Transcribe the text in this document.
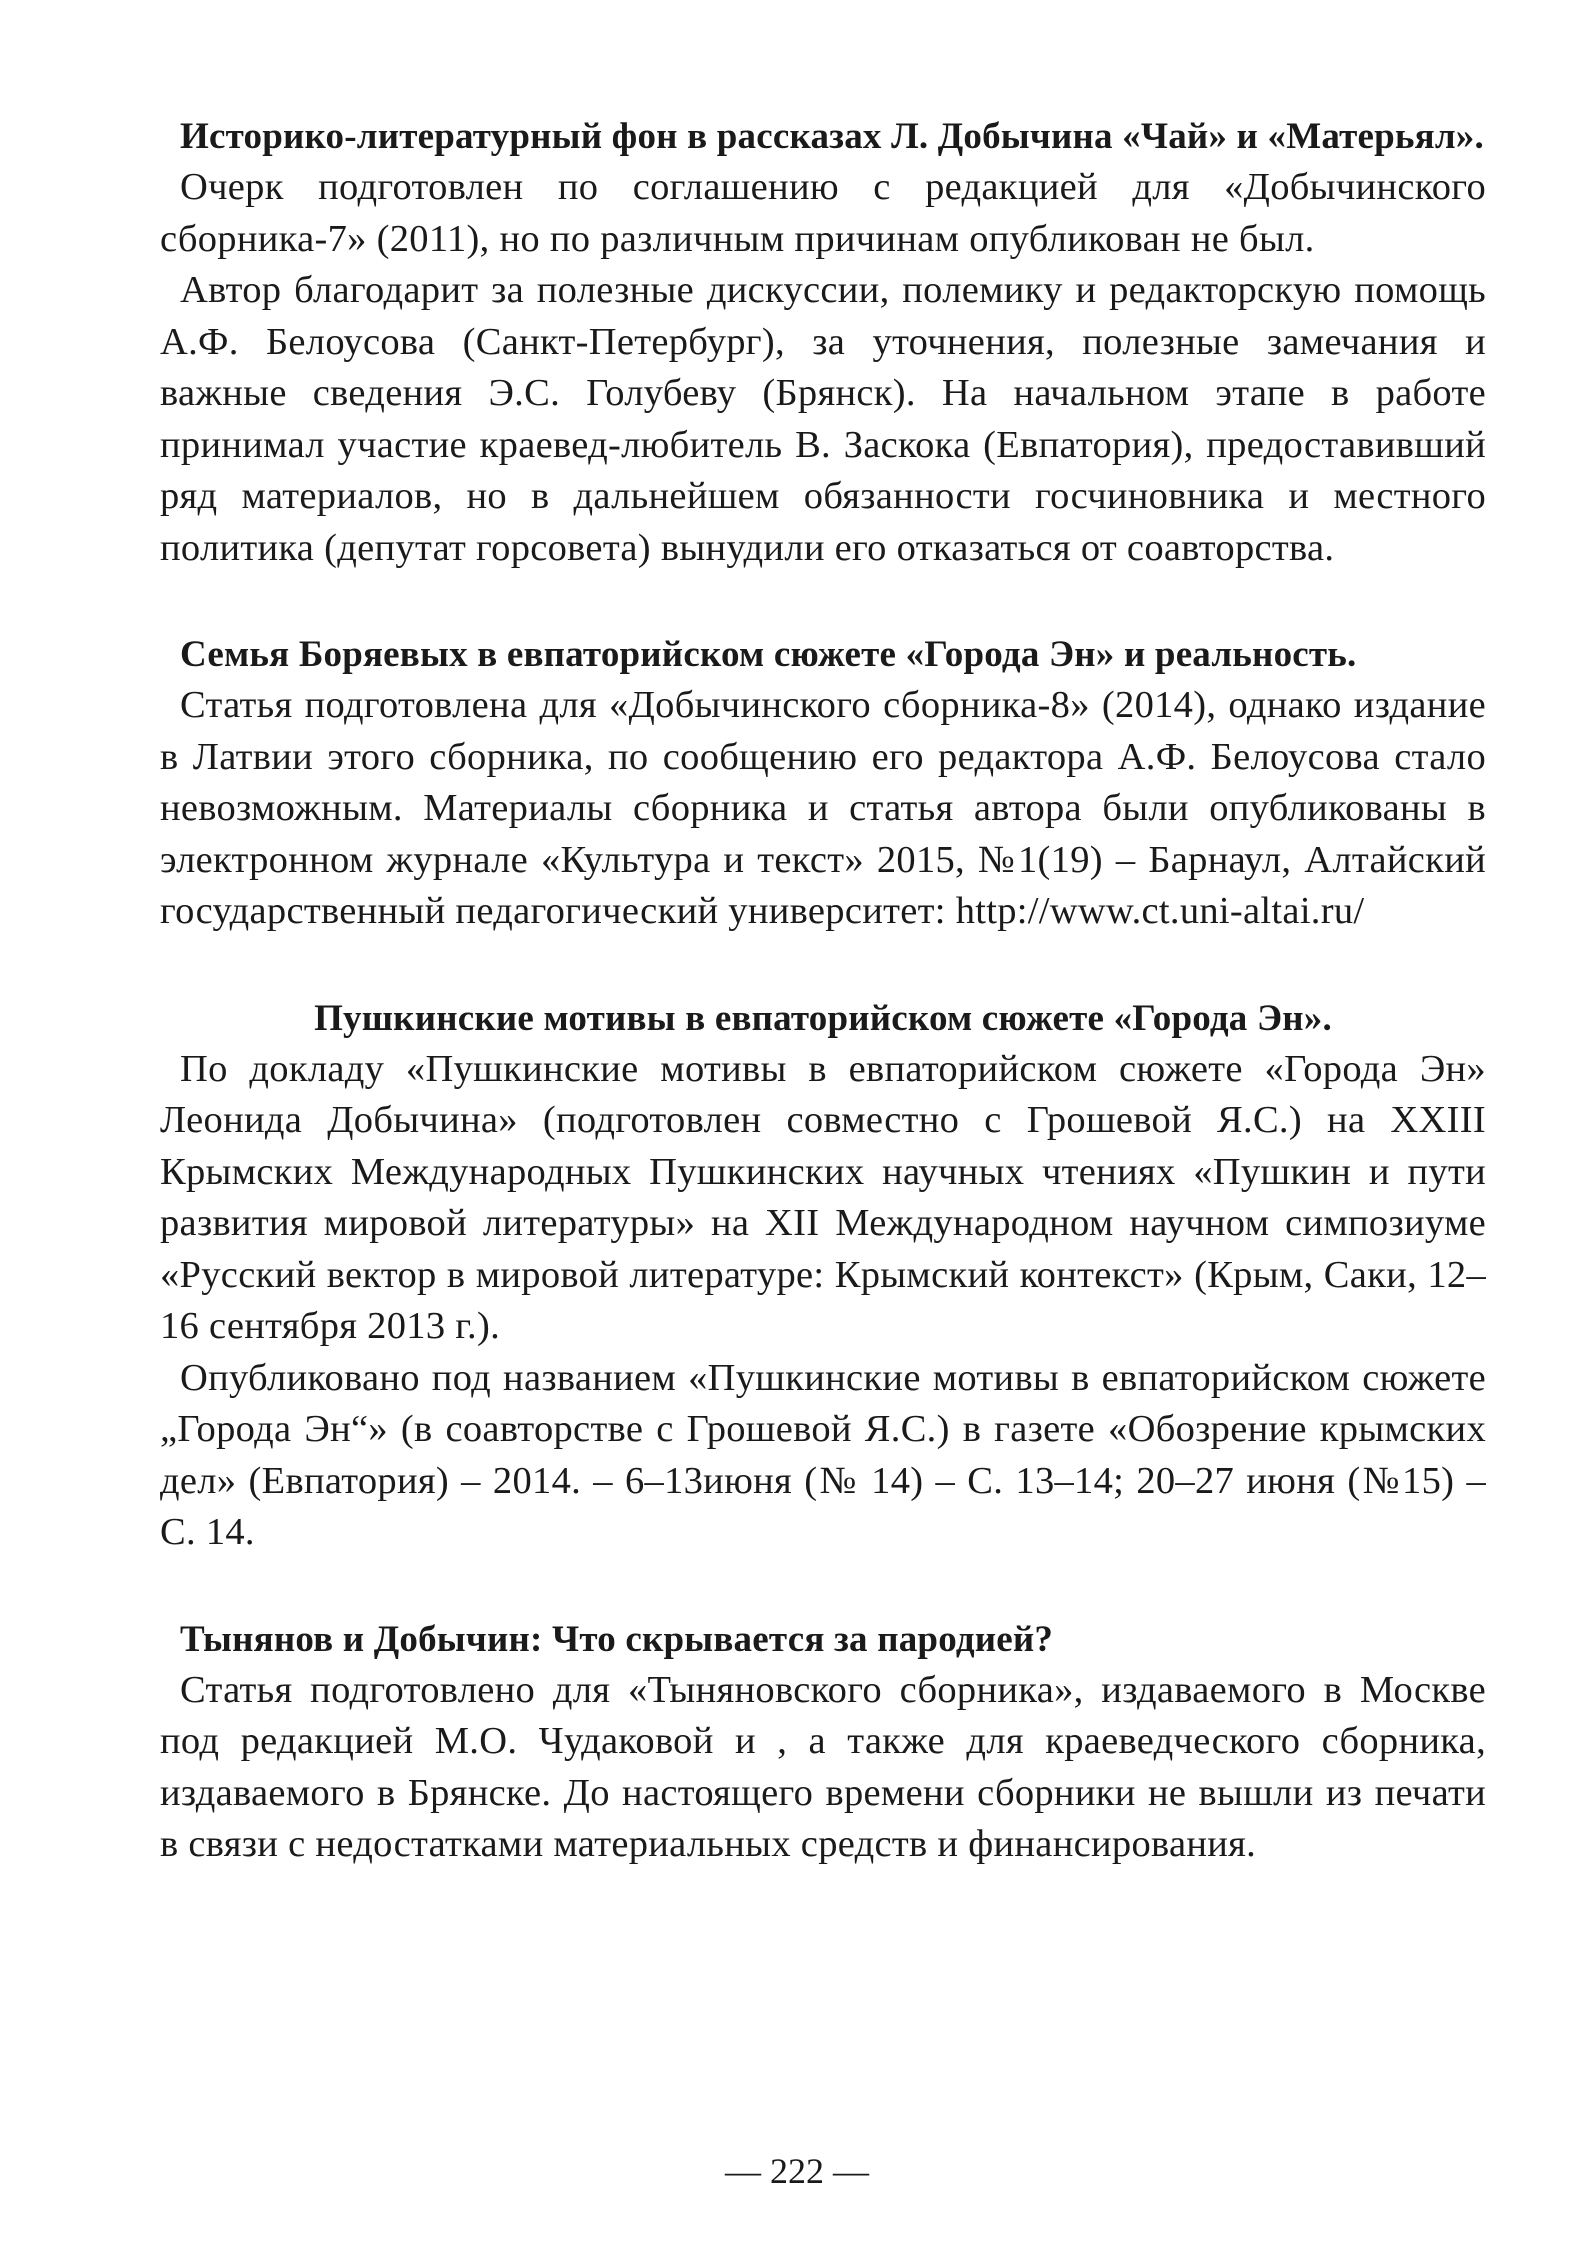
Историко-литературный фон в рассказах Л. Добычина «Чай» и «Матерьял».

Очерк подготовлен по соглашению с редакцией для «Добычинского сборника-7» (2011), но по различным причинам опубликован не был.

Автор благодарит за полезные дискуссии, полемику и редакторскую помощь А.Ф. Белоусова (Санкт-Петербург), за уточнения, полезные замечания и важные сведения Э.С. Голубеву (Брянск). На начальном этапе в работе принимал участие краевед-любитель В. Заскока (Евпатория), предоставивший ряд материалов, но в дальнейшем обязанности госчиновника и местного политика (депутат горсовета) вынудили его отказаться от соавторства.

Семья Боряевых в евпаторийском сюжете «Города Эн» и реальность.

Статья подготовлена для «Добычинского сборника-8» (2014), однако издание в Латвии этого сборника, по сообщению его редактора А.Ф. Белоусова стало невозможным. Материалы сборника и статья автора были опубликованы в электронном журнале «Культура и текст» 2015, №1(19) – Барнаул, Алтайский государственный педагогический университет: http://www.ct.uni-altai.ru/

Пушкинские мотивы в евпаторийском сюжете «Города Эн».

По докладу «Пушкинские мотивы в евпаторийском сюжете «Города Эн» Леонида Добычина» (подготовлен совместно с Грошевой Я.С.) на XXIII Крымских Международных Пушкинских научных чтениях «Пушкин и пути развития мировой литературы» на XII Международном научном симпозиуме «Русский вектор в мировой литературе: Крымский контекст» (Крым, Саки, 12–16 сентября 2013 г.).

Опубликовано под названием «Пушкинские мотивы в евпаторийском сюжете „Города Эн“» (в соавторстве с Грошевой Я.С.) в газете «Обозрение крымских дел» (Евпатория) – 2014. – 6–13июня (№ 14) – С. 13–14; 20–27 июня (№15) – С. 14.

Тынянов и Добычин: Что скрывается за пародией?

Статья подготовлено для «Тыняновского сборника», издаваемого в Москве под редакцией М.О. Чудаковой и , а также для краеведческого сборника, издаваемого в Брянске. До настоящего времени сборники не вышли из печати в связи с недостатками материальных средств и финансирования.

— 222 —
